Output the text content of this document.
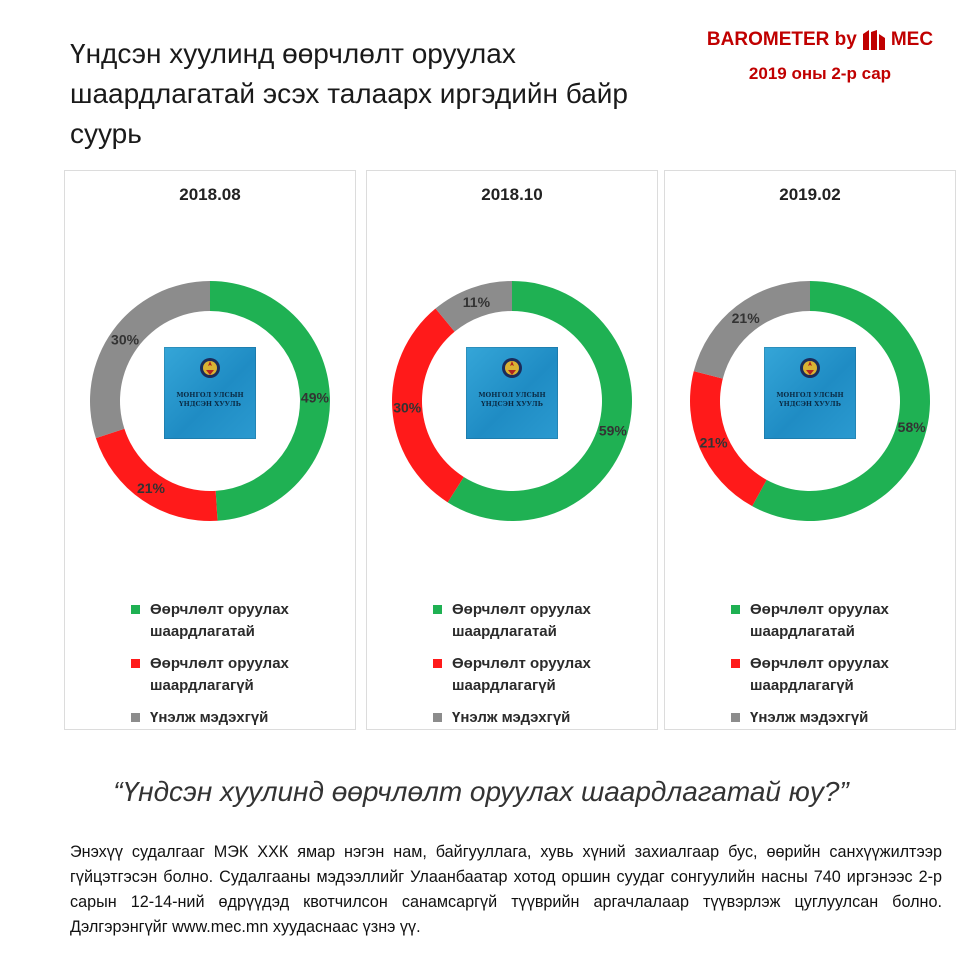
Үндсэн хуулинд өөрчлөлт оруулах шаардлагатай эсэх талаарх иргэдийн байр суурь
BAROMETER by MEC
2019 оны 2-р сар
2018.08
49%
21%
30%
МОНГОЛ УЛСЫН
ҮНДСЭН ХУУЛЬ
Өөрчлөлт оруулах
шаардлагатай
Өөрчлөлт оруулах
шаардлагагүй
Үнэлж мэдэхгүй
2018.10
59%
30%
11%
МОНГОЛ УЛСЫН
ҮНДСЭН ХУУЛЬ
Өөрчлөлт оруулах
шаардлагатай
Өөрчлөлт оруулах
шаардлагагүй
Үнэлж мэдэхгүй
2019.02
58%
21%
21%
МОНГОЛ УЛСЫН
ҮНДСЭН ХУУЛЬ
Өөрчлөлт оруулах
шаардлагатай
Өөрчлөлт оруулах
шаардлагагүй
Үнэлж мэдэхгүй
“Үндсэн хуулинд өөрчлөлт оруулах шаардлагатай юу?”
Энэхүү судалгааг МЭК ХХК ямар нэгэн нам, байгууллага, хувь хүний захиалгаар бус, өөрийн санхүүжилтээр гүйцэтгэсэн болно. Судалгааны мэдээллийг Улаанбаатар хотод оршин суудаг сонгуулийн насны 740 иргэнээс 2-р сарын 12-14-ний өдрүүдэд квотчилсон санамсаргүй түүврийн аргачлалаар түүвэрлэж цуглуулсан болно. Дэлгэрэнгүйг www.mec.mn хуудаснаас үзнэ үү.
